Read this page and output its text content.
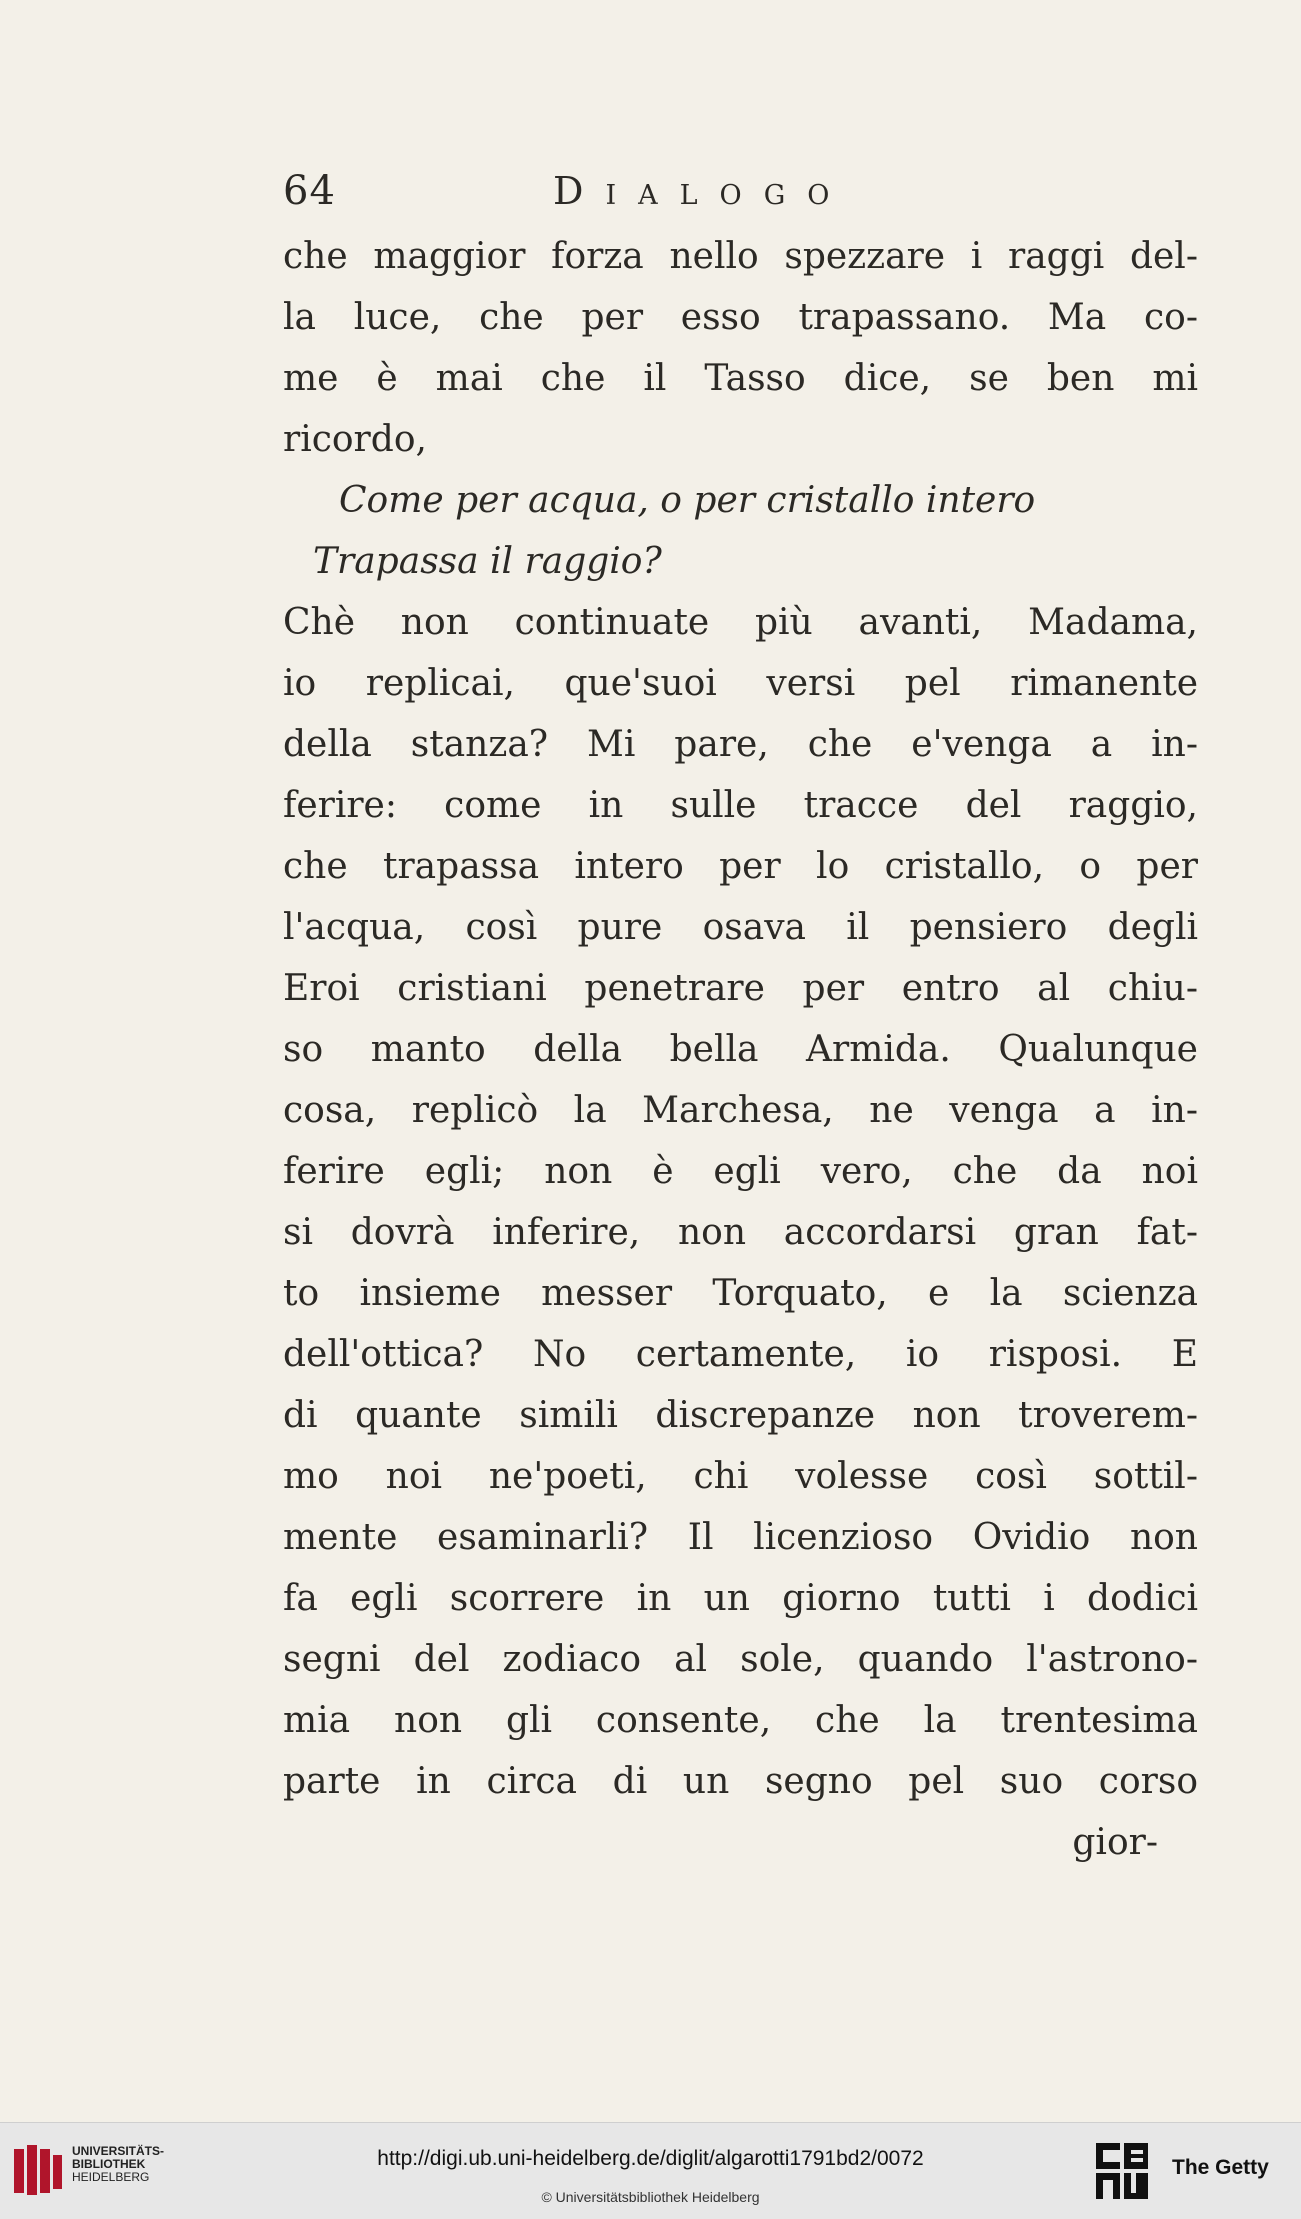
64	Dialogo
che maggior forza nello spezzare i raggi del-
la luce, che per esso trapassano. Ma co-
me è mai che il Tasso dice, se ben mi
ricordo,
Come per acqua, o per cristallo intero
Trapassa il raggio?
Chè non continuate più avanti, Madama,
io replicai, que'suoi versi pel rimanente
della stanza? Mi pare, che e'venga a in-
ferire: come in sulle tracce del raggio,
che trapassa intero per lo cristallo, o per
l'acqua, così pure osava il pensiero degli
Eroi cristiani penetrare per entro al chiu-
so manto della bella Armida. Qualunque
cosa, replicò la Marchesa, ne venga a in-
ferire egli; non è egli vero, che da noi
si dovrà inferire, non accordarsi gran fat-
to insieme messer Torquato, e la scienza
dell'ottica? No certamente, io risposi. E
di quante simili discrepanze non troverem-
mo noi ne'poeti, chi volesse così sottil-
mente esaminarli? Il licenzioso Ovidio non
fa egli scorrere in un giorno tutti i dodici
segni del zodiaco al sole, quando l'astrono-
mia non gli consente, che la trentesima
parte in circa di un segno pel suo corso
gior-
UNIVERSITÄTS-
BIBLIOTHEK
HEIDELBERG
http://digi.ub.uni-heidelberg.de/diglit/algarotti1791bd2/0072
© Universitätsbibliothek Heidelberg
The Getty
